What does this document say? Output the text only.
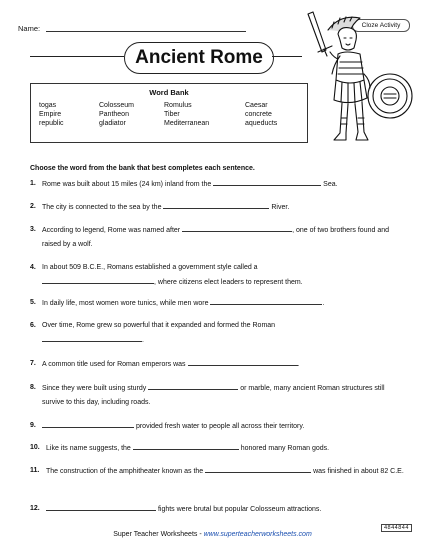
Name:	Cloze Activity
Ancient Rome
Word Bank
togas	Colosseum	Romulus	Caesar
Empire	Pantheon	Tiber	concrete
republic	gladiator	Mediterranean	aqueducts
Choose the word from the bank that best completes each sentence.
1. Rome was built about 15 miles (24 km) inland from the	Sea.
2. The city is connected to the sea by the	River.
3. According to legend, Rome was named after	, one of two brothers found and raised by a wolf.
4. In about 509 B.C.E., Romans established a government style called a
, where citizens elect leaders to represent them.
5. In daily life, most women wore tunics, while men wore	.
6. Over time, Rome grew so powerful that it expanded and formed the Roman
.
7. A common title used for Roman emperors was	.
8. Since they were built using sturdy	or marble, many ancient Roman structures still survive to this day, including roads.
9.	provided fresh water to people all across their territory.
10. Like its name suggests, the	honored many Roman gods.
11. The construction of the amphitheater known as the	was finished in about 82 C.E.
12.	fights were brutal but popular Colosseum attractions.
Super Teacher Worksheets - www.superteacherworksheets.com
4844844
